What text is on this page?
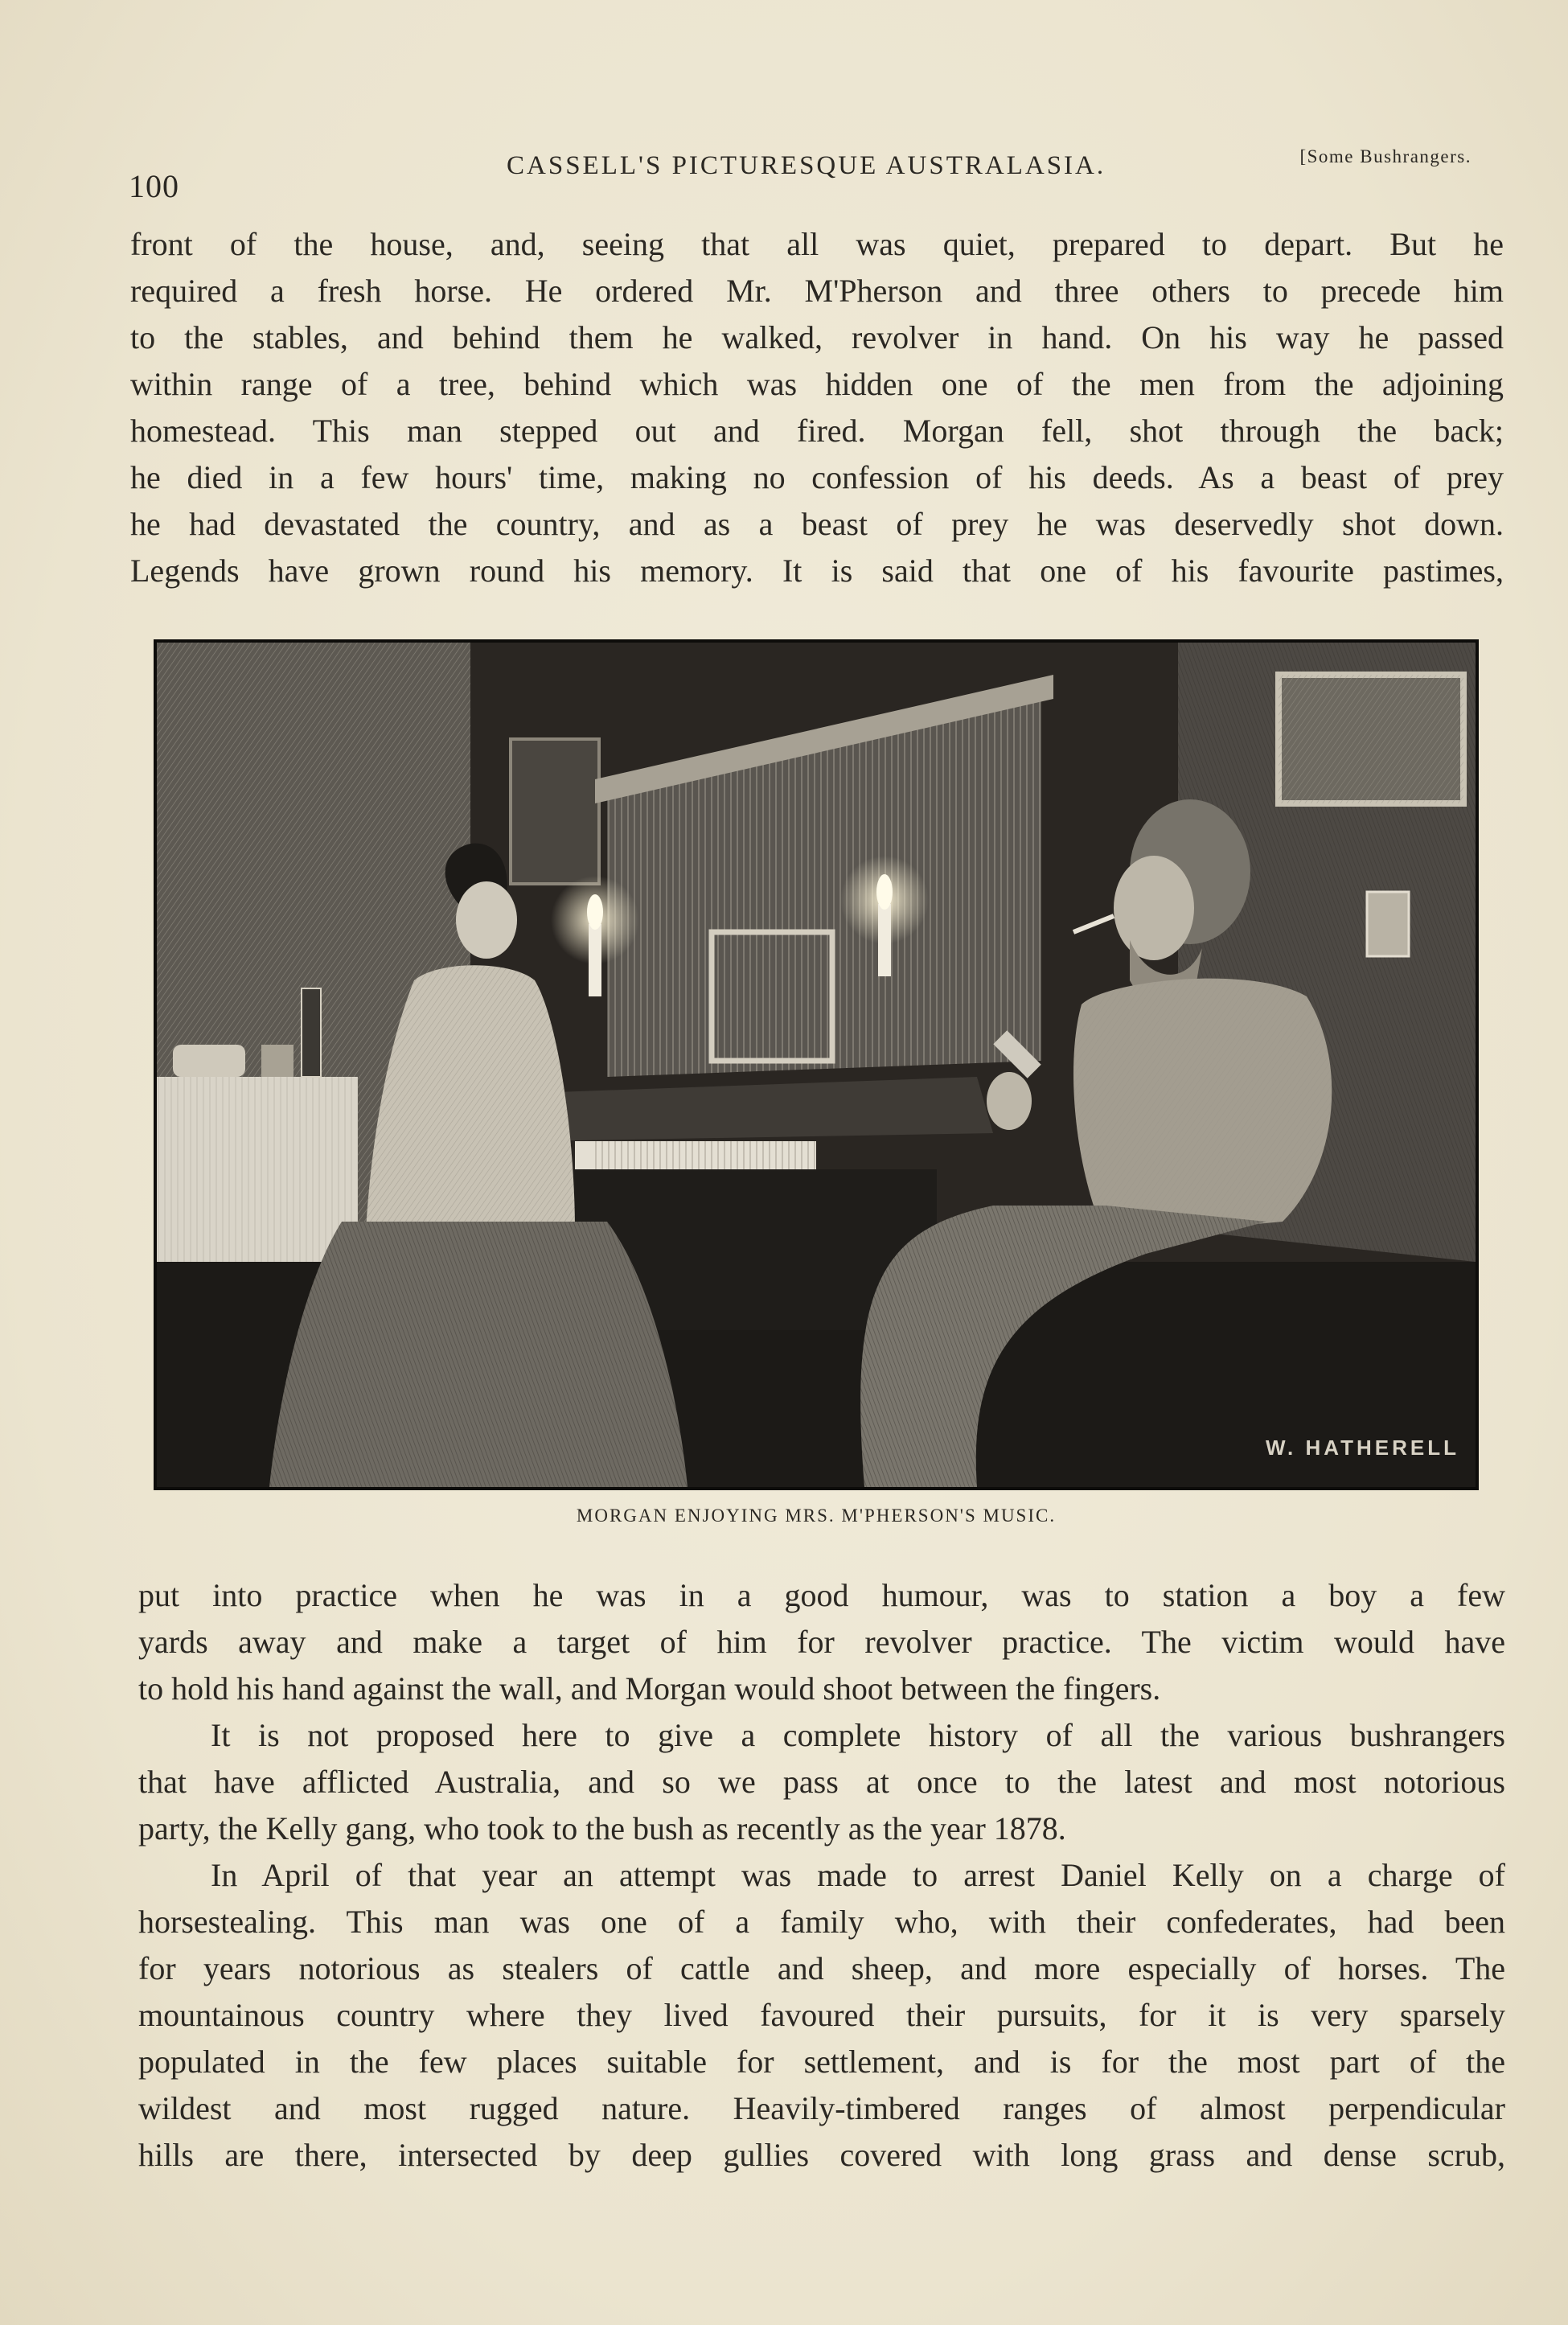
100
CASSELL'S PICTURESQUE AUSTRALASIA.	[Some Bushrangers.
front of the house, and, seeing that all was quiet, prepared to depart. But he
required a fresh horse. He ordered Mr. M'Pherson and three others to precede him
to the stables, and behind them he walked, revolver in hand. On his way he passed
within range of a tree, behind which was hidden one of the men from the adjoining
homestead. This man stepped out and fired. Morgan fell, shot through the back;
he died in a few hours' time, making no confession of his deeds. As a beast of prey
he had devastated the country, and as a beast of prey he was deservedly shot down.
Legends have grown round his memory. It is said that one of his favourite pastimes,
W. HATHERELL
MORGAN ENJOYING MRS. M'PHERSON'S MUSIC.
put into practice when he was in a good humour, was to station a boy a few
yards away and make a target of him for revolver practice. The victim would have
to hold his hand against the wall, and Morgan would shoot between the fingers.
It is not proposed here to give a complete history of all the various bushrangers
that have afflicted Australia, and so we pass at once to the latest and most notorious
party, the Kelly gang, who took to the bush as recently as the year 1878.
In April of that year an attempt was made to arrest Daniel Kelly on a charge of
horsestealing. This man was one of a family who, with their confederates, had been
for years notorious as stealers of cattle and sheep, and more especially of horses. The
mountainous country where they lived favoured their pursuits, for it is very sparsely
populated in the few places suitable for settlement, and is for the most part of the
wildest and most rugged nature. Heavily-timbered ranges of almost perpendicular
hills are there, intersected by deep gullies covered with long grass and dense scrub,
